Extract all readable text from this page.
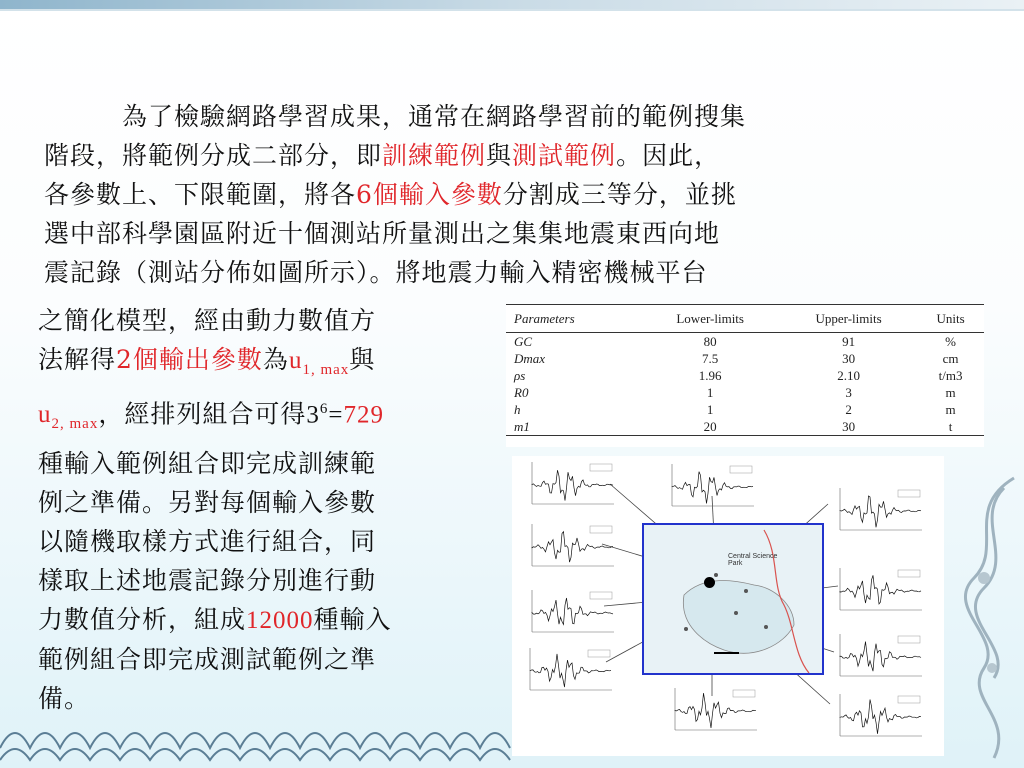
為了檢驗網路學習成果，通常在網路學習前的範例搜集
階段，將範例分成二部分，即訓練範例與測試範例。因此，
各參數上、下限範圍，將各6個輸入參數分割成三等分，並挑
選中部科學園區附近十個測站所量測出之集集地震東西向地
震記錄（測站分佈如圖所示）。將地震力輸入精密機械平台
之簡化模型，經由動力數值方
法解得2個輸出參數為$u_{1, max}$與
$u_{2, max}$，經排列組合可得$3^6=729$
種輸入範例組合即完成訓練範
例之準備。另對每個輸入參數
以隨機取樣方式進行組合，同
樣取上述地震記錄分別進行動
力數值分析，組成12000種輸入
範例組合即完成測試範例之準
備。
Parameters	Lower-limits	Upper-limits	Units
GC	80	91	%
Dmax	7.5	30	cm
ρs	1.96	2.10	t/m3
R0	1	3	m
h	1	2	m
m1	20	30	t
Central Science Park
